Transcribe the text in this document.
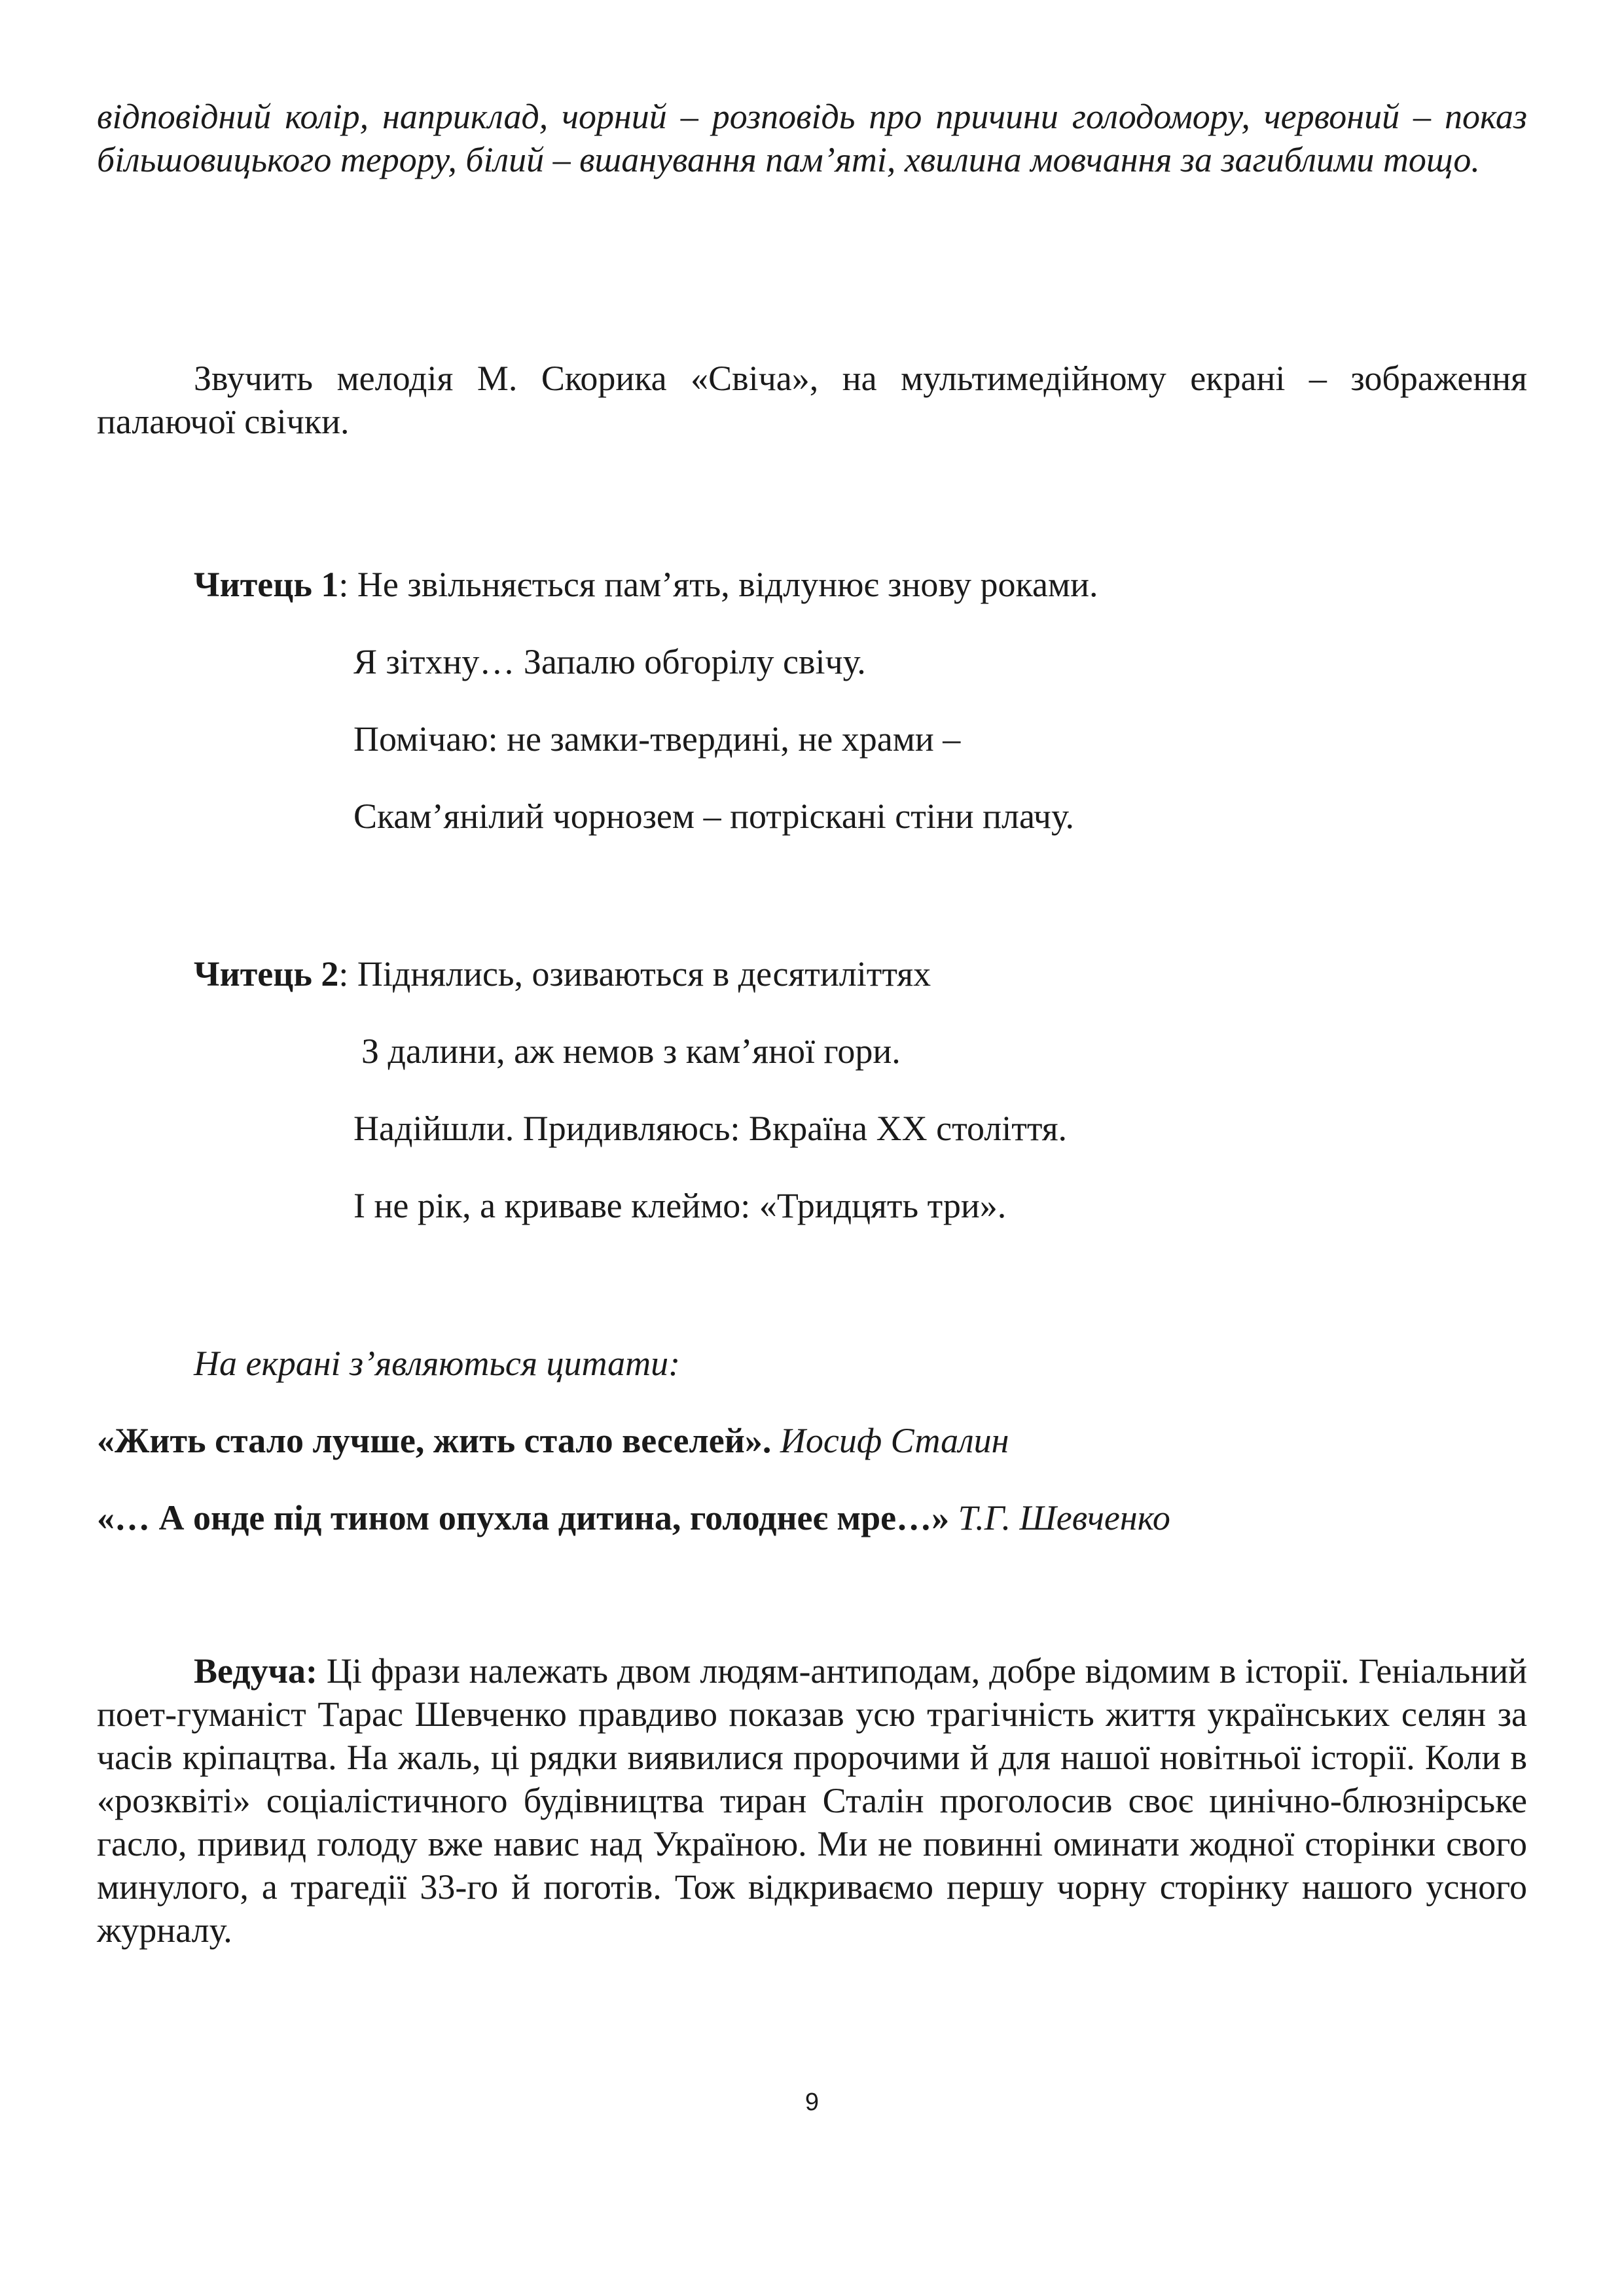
відповідний колір, наприклад, чорний – розповідь про причини голодомору, червоний – показ більшовицького терору, білий – вшанування пам’яті, хвилина мовчання за загиблими тощо.

Звучить мелодія М. Скорика «Свіча», на мультимедійному екрані – зображення палаючої свічки.

Читець 1: Не звільняється пам’ять, відлунює знову роками.
Я зітхну… Запалю обгорілу свічу.
Помічаю: не замки-твердині, не храми –
Скам’янілий чорнозем – потріскані стіни плачу.
Читець 2: Піднялись, озиваються в десятиліттях
З далини, аж немов з кам’яної гори.
Надійшли. Придивляюсь: Вкраїна ХХ століття.
І не рік, а криваве клеймо: «Тридцять три».

На екрані з’являються цитати:

«Жить стало лучше, жить стало веселей». Иосиф Сталин

«… А онде під тином опухла дитина, голоднеє мре…» Т.Г. Шевченко

Ведуча: Ці фрази належать двом людям-антиподам, добре відомим в історії. Геніальний поет-гуманіст Тарас Шевченко правдиво показав усю трагічність життя українських селян за часів кріпацтва. На жаль, ці рядки виявилися пророчими й для нашої новітньої історії. Коли в «розквіті» соціалістичного будівництва тиран Сталін проголосив своє цинічно-блюзнірське гасло, привид голоду вже навис над Україною. Ми не повинні оминати жодної сторінки свого минулого, а трагедії 33-го й поготів. Тож відкриваємо першу чорну сторінку нашого усного журналу.

9
